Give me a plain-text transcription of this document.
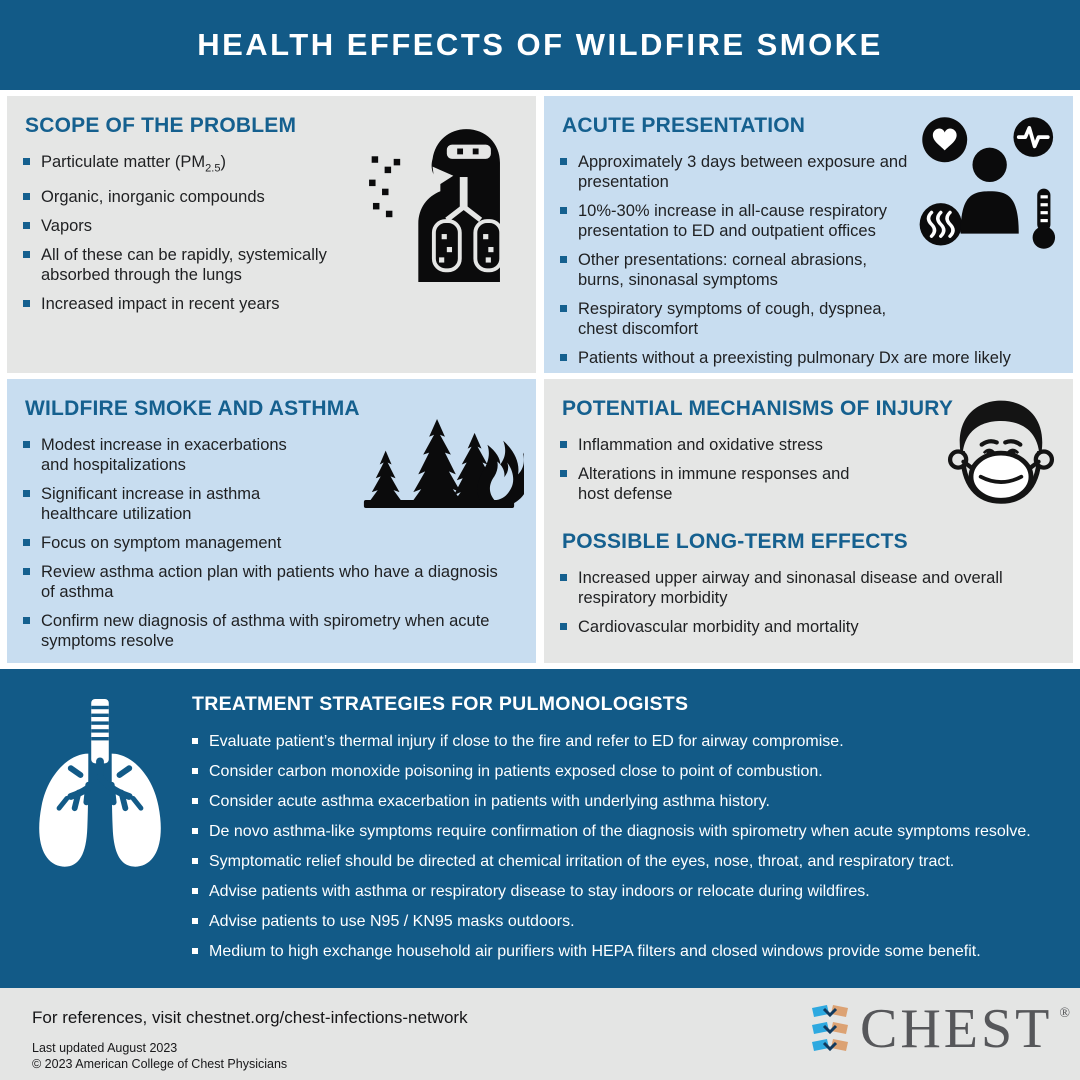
HEALTH EFFECTS OF WILDFIRE SMOKE
SCOPE OF THE PROBLEM
Particulate matter $(PM_{2.5})$
Organic, inorganic compounds
Vapors
All of these can be rapidly, systemically absorbed through the lungs
Increased impact in recent years
ACUTE PRESENTATION
Approximately 3 days between exposure and presentation
10%-30% increase in all-cause respiratory presentation to ED and outpatient offices
Other presentations: corneal abrasions, burns, sinonasal symptoms
Respiratory symptoms of cough, dyspnea, chest discomfort
Patients without a preexisting pulmonary Dx are more likely
WILDFIRE SMOKE AND ASTHMA
Modest increase in exacerbations and hospitalizations
Significant increase in asthma healthcare utilization
Focus on symptom management
Review asthma action plan with patients who have a diagnosis of asthma
Confirm new diagnosis of asthma with spirometry when acute symptoms resolve
POTENTIAL MECHANISMS OF INJURY
Inflammation and oxidative stress
Alterations in immune responses and host defense
POSSIBLE LONG-TERM EFFECTS
Increased upper airway and sinonasal disease and overall respiratory morbidity
Cardiovascular morbidity and mortality
TREATMENT STRATEGIES FOR PULMONOLOGISTS
Evaluate patient’s thermal injury if close to the fire and refer to ED for airway compromise.
Consider carbon monoxide poisoning in patients exposed close to point of combustion.
Consider acute asthma exacerbation in patients with underlying asthma history.
De novo asthma-like symptoms require confirmation of the diagnosis with spirometry when acute symptoms resolve.
Symptomatic relief should be directed at chemical irritation of the eyes, nose, throat, and respiratory tract.
Advise patients with asthma or respiratory disease to stay indoors or relocate during wildfires.
Advise patients to use N95 / KN95 masks outdoors.
Medium to high exchange household air purifiers with HEPA filters and closed windows provide some benefit.
For references, visit chestnet.org/chest-infections-network
Last updated August 2023
© 2023 American College of Chest Physicians
CHEST ®
